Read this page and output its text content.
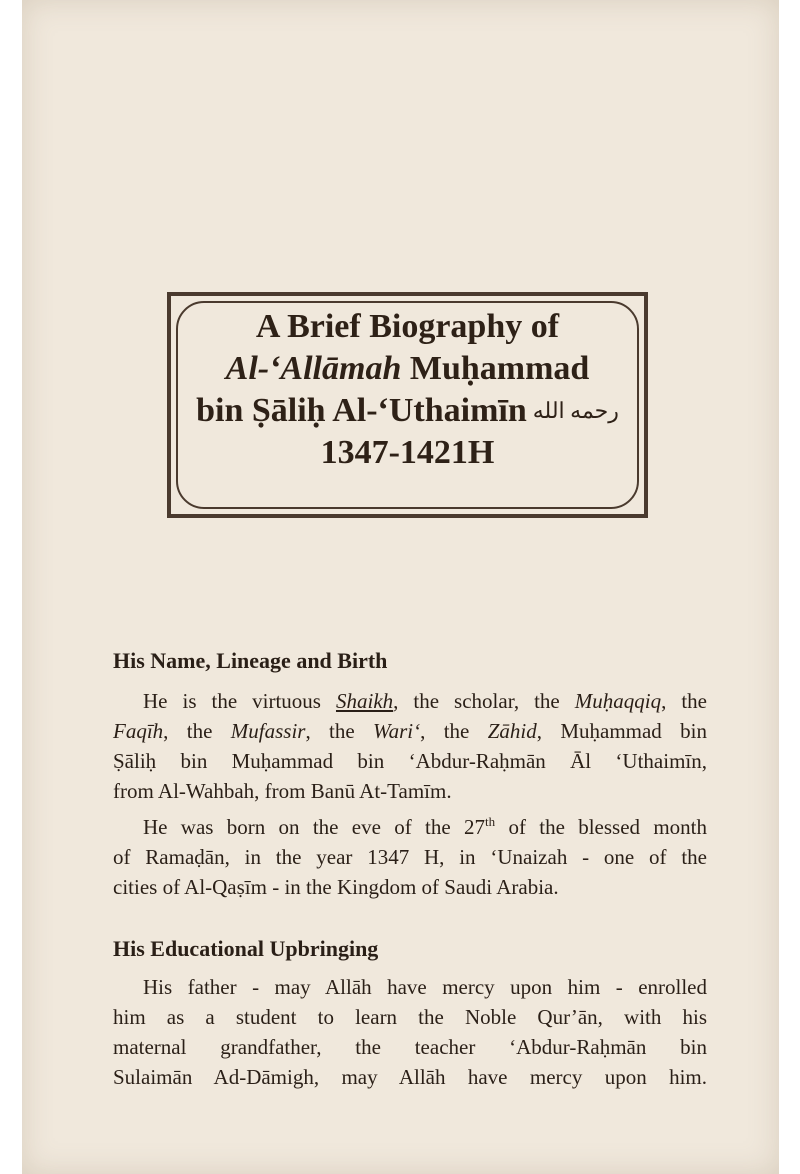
A Brief Biography of
Al-‘Allāmah Muḥammad
bin Ṣāliḥ Al-‘Uthaimīn رحمه الله
1347-1421H
His Name, Lineage and Birth
He is the virtuous Shaikh, the scholar, the Muḥaqqiq, the
Faqīh, the Mufassir, the Wari‘, the Zāhid, Muḥammad bin
Ṣāliḥ bin Muḥammad bin ‘Abdur-Raḥmān Āl ‘Uthaimīn,
from Al-Wahbah, from Banū At-Tamīm.
He was born on the eve of the 27th of the blessed month
of Ramaḍān, in the year 1347 H, in ‘Unaizah - one of the
cities of Al-Qaṣīm - in the Kingdom of Saudi Arabia.
His Educational Upbringing
His father - may Allāh have mercy upon him - enrolled
him as a student to learn the Noble Qur’ān, with his
maternal grandfather, the teacher ‘Abdur-Raḥmān bin
Sulaimān Ad-Dāmigh, may Allāh have mercy upon him.
